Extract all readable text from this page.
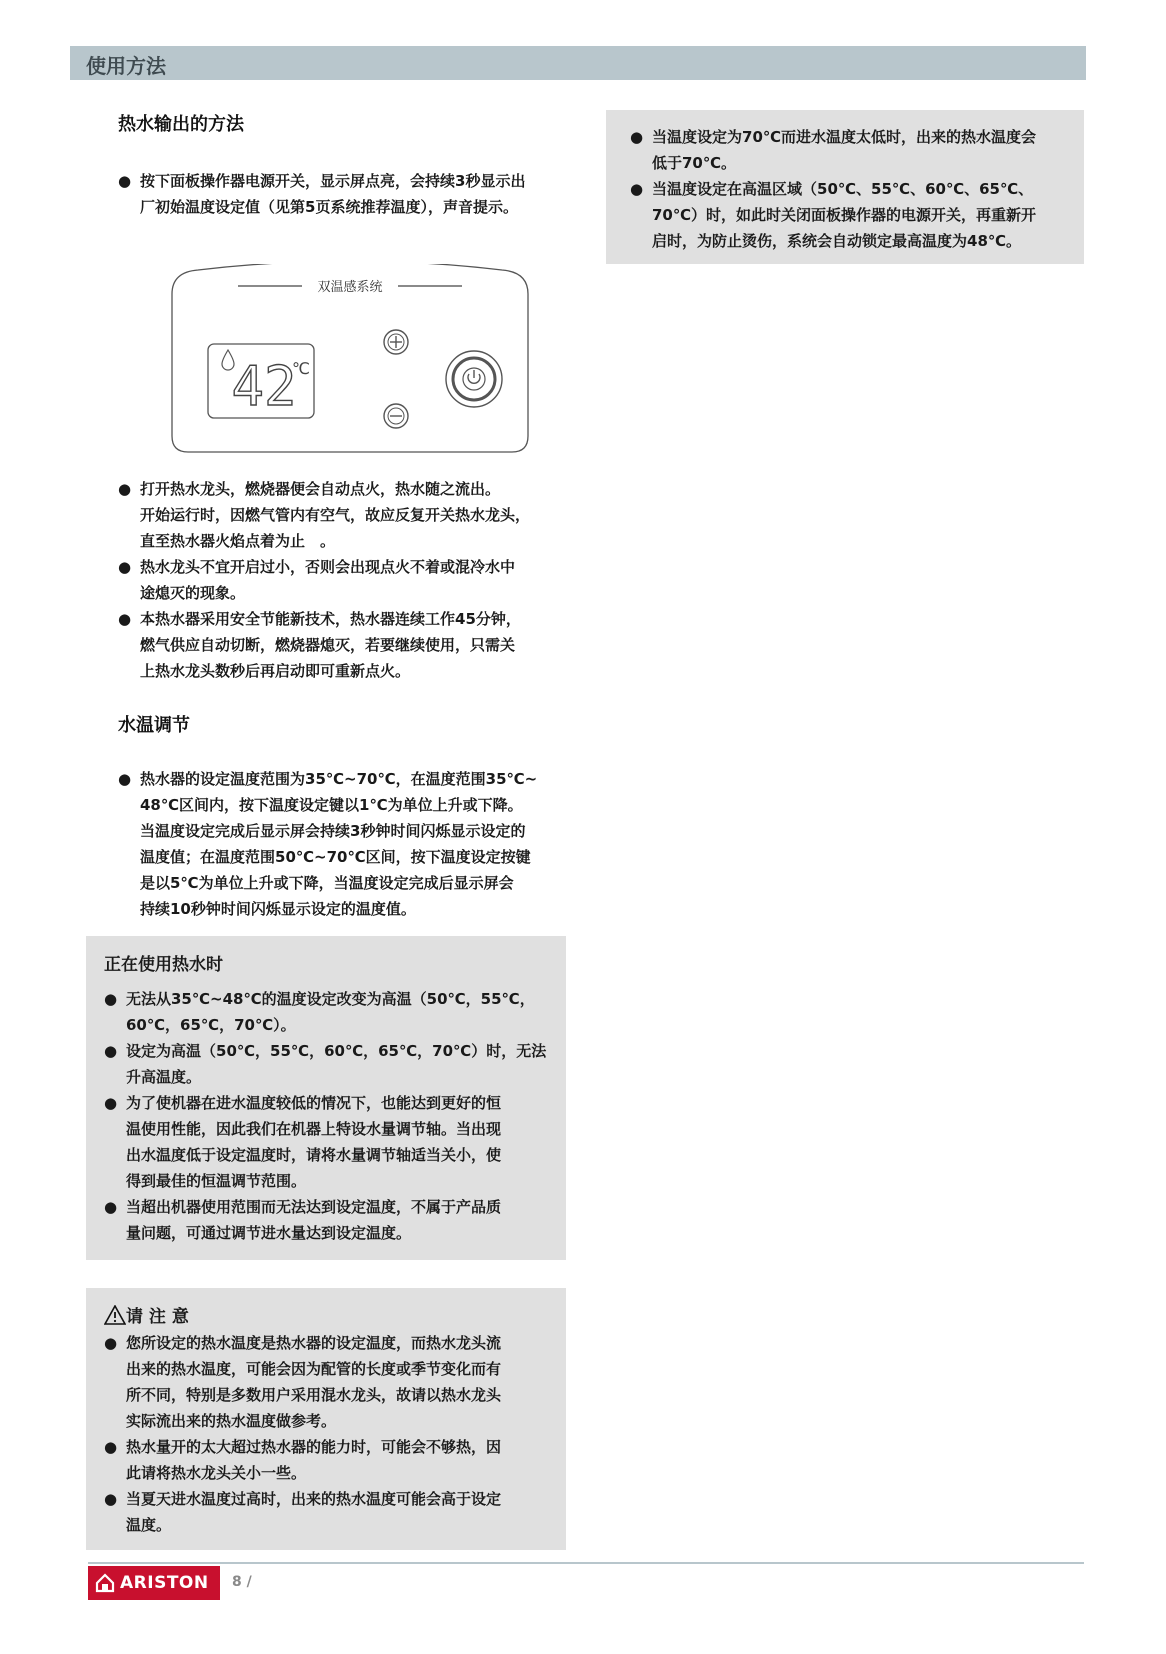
使用方法
热水输出的方法
● 按下面板操作器电源开关，显示屏点亮，会持续3秒显示出
厂初始温度设定值（见第5页系统推荐温度），声音提示。
双温感系统
42
℃
● 打开热水龙头，燃烧器便会自动点火，热水随之流出。
开始运行时，因燃气管内有空气，故应反复开关热水龙头，
直至热水器火焰点着为止　。
● 热水龙头不宜开启过小，否则会出现点火不着或混冷水中
途熄灭的现象。
● 本热水器采用安全节能新技术，热水器连续工作45分钟，
燃气供应自动切断，燃烧器熄灭，若要继续使用，只需关
上热水龙头数秒后再启动即可重新点火。
水温调节
● 热水器的设定温度范围为35℃~70℃，在温度范围35℃~
48℃区间内，按下温度设定键以1℃为单位上升或下降。
当温度设定完成后显示屏会持续3秒钟时间闪烁显示设定的
温度值；在温度范围50℃~70℃区间，按下温度设定按键
是以5℃为单位上升或下降，当温度设定完成后显示屏会
持续10秒钟时间闪烁显示设定的温度值。
正在使用热水时
● 无法从35℃~48℃的温度设定改变为高温（50℃，55℃，
60℃，65℃，70℃）。
● 设定为高温（50℃，55℃，60℃，65℃，70℃）时，无法
升高温度。
● 为了使机器在进水温度较低的情况下，也能达到更好的恒
温使用性能，因此我们在机器上特设水量调节轴。当出现
出水温度低于设定温度时，请将水量调节轴适当关小，使
得到最佳的恒温调节范围。
● 当超出机器使用范围而无法达到设定温度，不属于产品质
量问题，可通过调节进水量达到设定温度。
请 注 意
● 您所设定的热水温度是热水器的设定温度，而热水龙头流
出来的热水温度，可能会因为配管的长度或季节变化而有
所不同，特别是多数用户采用混水龙头，故请以热水龙头
实际流出来的热水温度做参考。
● 热水量开的太大超过热水器的能力时，可能会不够热，因
此请将热水龙头关小一些。
● 当夏天进水温度过高时，出来的热水温度可能会高于设定
温度。
● 当温度设定为70℃而进水温度太低时，出来的热水温度会
低于70℃。
● 当温度设定在高温区域（50℃、55℃、60℃、65℃、
70℃）时，如此时关闭面板操作器的电源开关，再重新开
启时，为防止烫伤，系统会自动锁定最高温度为48℃。
ARISTON 8 /
